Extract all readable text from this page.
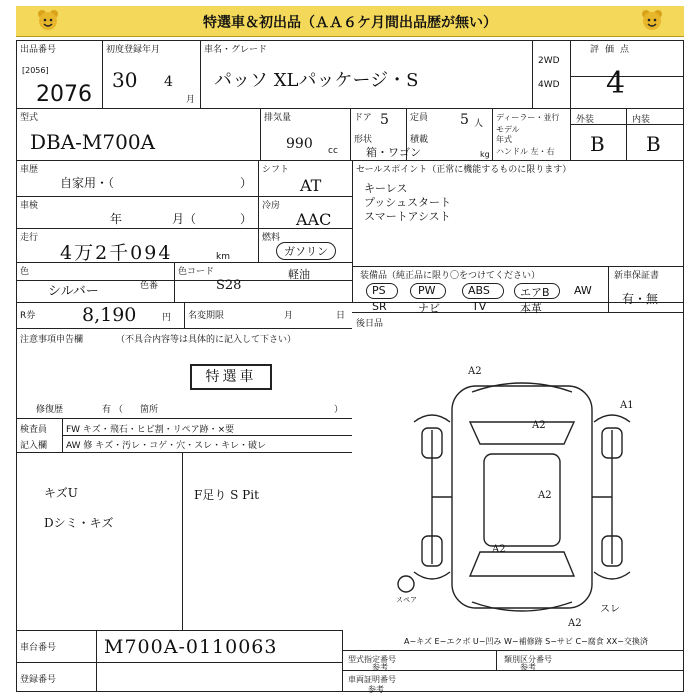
特選車＆初出品（ＡＡ６ケ月間出品歴が無い）
出品番号
[2056]
2076
初度登録年月
30 4
月
車名・グレード
パッソ XLパッケージ・S
2WD
4WD
評価点
4
型式
DBA-M700A
排気量
990 cc
ドア 5
形状
箱・ワゴン
定員 5 人
積載
kg
ディーラー・並行
モデル
年式
ハンドル 左・右
外装	内装
B B
車歴
自家用・（	）
シフト
AT
車検
年	月（	）
冷房
AAC
走行
4万2千094	km
燃料
ガソリン
軽油
色
シルバー	色番
色コード
S28
R券 8,190	円 名変期限	月	日
セールスポイント（正常に機能するものに限ります）
キーレス
プッシュスタート
スマートアシスト
装備品（純正品に限り〇をつけてください）
PS	PW	ABS	エアB AW
SR	ナビ	TV	本革
新車保証書
有・無
後日品
注意事項申告欄	（不具合内容等は具体的に記入して下さい）
特選車
修復歴	有 （ 箇所	）
検査員
記入欄
FW キズ・飛石・ヒビ割・リペア跡・×要
AW 修 キズ・汚レ・コゲ・穴・スレ・キレ・破レ
キズU
Dシミ・キズ
F足り S Pit
A2
A1
A2
A2
A2
A2
スレ
スペア
A−キズ E−エクボ U−凹み W−補修跡 S−サビ C−腐食 XX−交換済
車台番号	M700A-0110063
登録番号
型式指定番号
参考
類別区分番号
参考
車両証明番号
参考
